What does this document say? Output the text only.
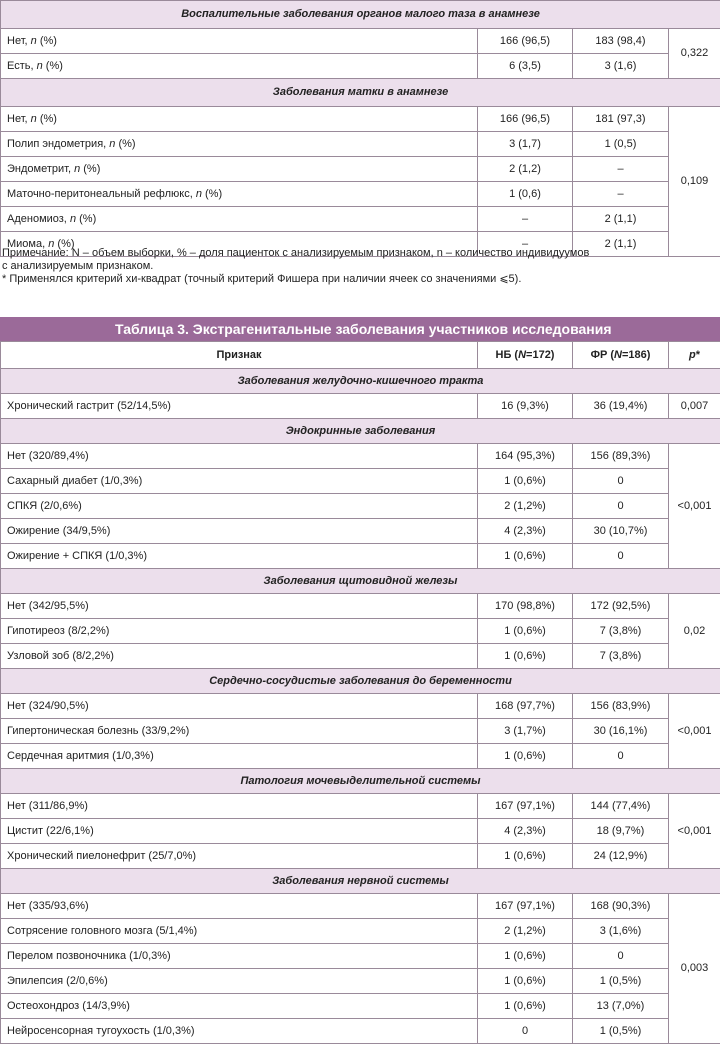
Воспалительные заболевания органов малого таза в анамнезе			
Нет, n (%)	166 (96,5)	183 (98,4)	0,322
Есть, n (%)	6 (3,5)	3 (1,6)	
Заболевания матки в анамнезе			
Нет, n (%)	166 (96,5)	181 (97,3)	0,109
Полип эндометрия, n (%)	3 (1,7)	1 (0,5)	
Эндометрит, n (%)	2 (1,2)	–	
Маточно-перитонеальный рефлюкс, n (%)	1 (0,6)	–	
Аденомиоз, n (%)	–	2 (1,1)	
Миома, n (%)	–	2 (1,1)	

Примечание: N – объем выборки, % – доля пациенток с анализируемым признаком, n – количество индивидуумов

с анализируемым признаком.

* Применялся критерий хи-квадрат (точный критерий Фишера при наличии ячеек со значениями ⩽5).

Таблица 3. Экстрагенитальные заболевания участников исследования
Признак	НБ (N=172)	ФР (N=186)	p*
Заболевания желудочно-кишечного тракта			
Хронический гастрит (52/14,5%)	16 (9,3%)	36 (19,4%)	0,007
Эндокринные заболевания			
Нет (320/89,4%)	164 (95,3%)	156 (89,3%)	<0,001
Сахарный диабет (1/0,3%)	1 (0,6%)	0	
СПКЯ (2/0,6%)	2 (1,2%)	0	
Ожирение (34/9,5%)	4 (2,3%)	30 (10,7%)	
Ожирение + СПКЯ (1/0,3%)	1 (0,6%)	0	
Заболевания щитовидной железы			
Нет (342/95,5%)	170 (98,8%)	172 (92,5%)	0,02
Гипотиреоз (8/2,2%)	1 (0,6%)	7 (3,8%)	
Узловой зоб (8/2,2%)	1 (0,6%)	7 (3,8%)	
Сердечно-сосудистые заболевания до беременности			
Нет (324/90,5%)	168 (97,7%)	156 (83,9%)	<0,001
Гипертоническая болезнь (33/9,2%)	3 (1,7%)	30 (16,1%)	
Сердечная аритмия (1/0,3%)	1 (0,6%)	0	
Патология мочевыделительной системы			
Нет (311/86,9%)	167 (97,1%)	144 (77,4%)	<0,001
Цистит (22/6,1%)	4 (2,3%)	18 (9,7%)	
Хронический пиелонефрит (25/7,0%)	1 (0,6%)	24 (12,9%)	
Заболевания нервной системы			
Нет (335/93,6%)	167 (97,1%)	168 (90,3%)	0,003
Сотрясение головного мозга (5/1,4%)	2 (1,2%)	3 (1,6%)	
Перелом позвоночника (1/0,3%)	1 (0,6%)	0	
Эпилепсия (2/0,6%)	1 (0,6%)	1 (0,5%)	
Остеохондроз (14/3,9%)	1 (0,6%)	13 (7,0%)	
Нейросенсорная тугоухость (1/0,3%)	0	1 (0,5%)	
